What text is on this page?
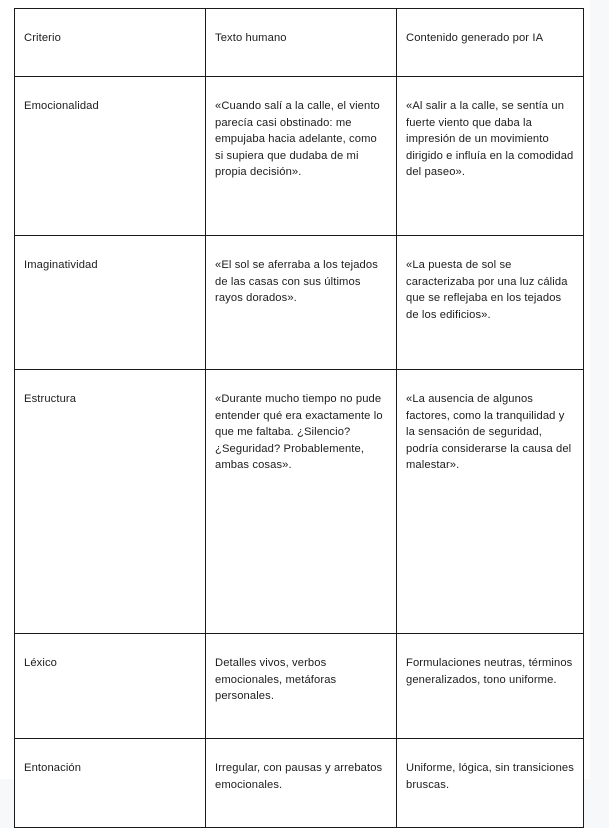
Criterio	Texto humano	Contenido generado por IA

Emocionalidad	«Cuando salí a la calle, el viento parecía casi obstinado: me empujaba hacia adelante, como si supiera que dudaba de mi propia decisión».	«Al salir a la calle, se sentía un fuerte viento que daba la impresión de un movimiento dirigido e influía en la comodidad del paseo».

Imaginatividad	«El sol se aferraba a los tejados de las casas con sus últimos rayos dorados».	«La puesta de sol se caracterizaba por una luz cálida que se reflejaba en los tejados de los edificios».

Estructura	«Durante mucho tiempo no pude entender qué era exactamente lo que me faltaba. ¿Silencio? ¿Seguridad? Probablemente, ambas cosas».	«La ausencia de algunos factores, como la tranquilidad y la sensación de seguridad, podría considerarse la causa del malestar».

Léxico	Detalles vivos, verbos emocionales, metáforas personales.	Formulaciones neutras, términos generalizados, tono uniforme.

Entonación	Irregular, con pausas y arrebatos emocionales.	Uniforme, lógica, sin transiciones bruscas.
